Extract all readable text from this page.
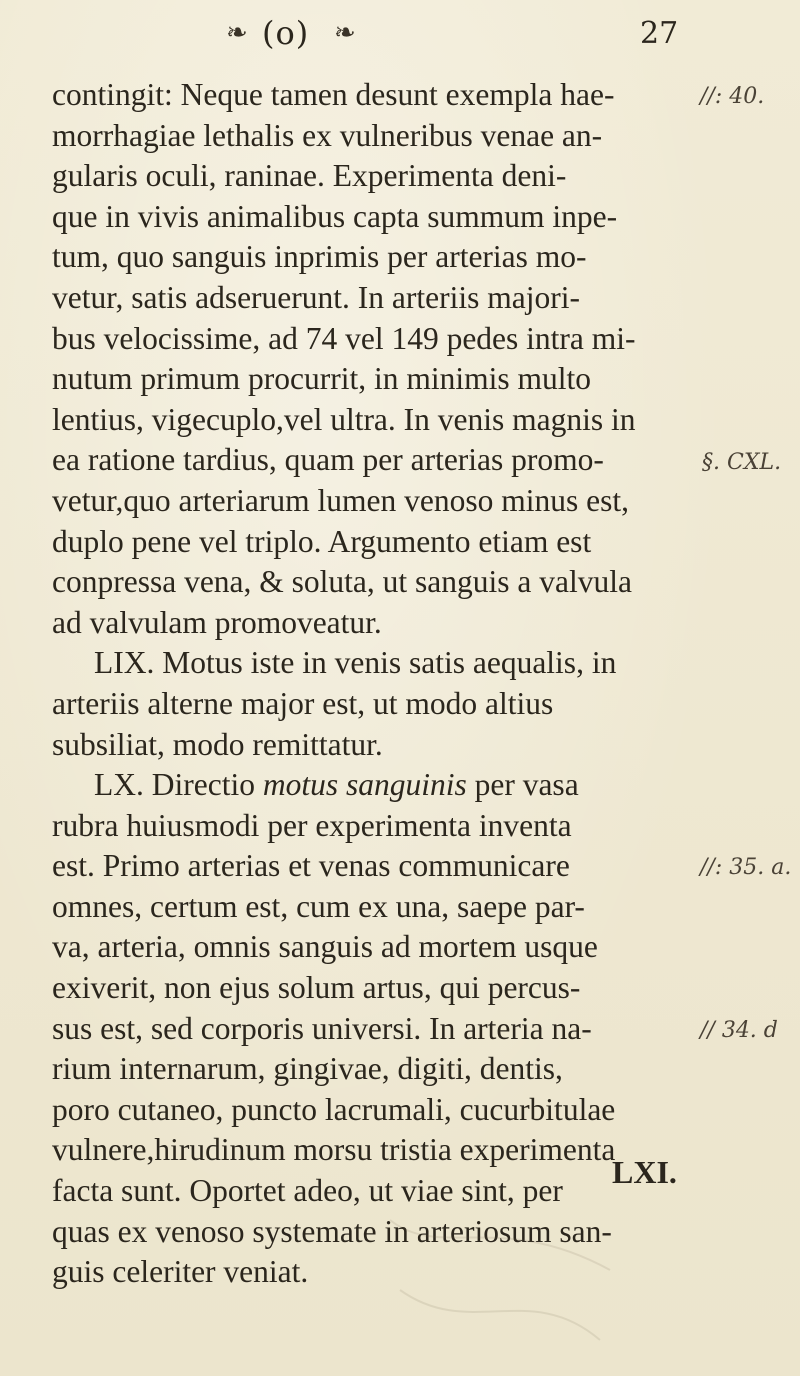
❧ (o) ❧	27
contingit: Neque tamen desunt exempla hae-
morrhagiae lethalis ex vulneribus venae an-
gularis oculi, raninae. Experimenta deni-
que in vivis animalibus capta summum inpe-
tum, quo sanguis inprimis per arterias mo-
vetur, satis adseruerunt. In arteriis majori-
bus velocissime, ad 74 vel 149 pedes intra mi-
nutum primum procurrit, in minimis multo
lentius, vigecuplo,vel ultra. In venis magnis in
ea ratione tardius, quam per arterias promo-
vetur,quo arteriarum lumen venoso minus est,
duplo pene vel triplo. Argumento etiam est
conpressa vena, & soluta, ut sanguis a valvula
ad valvulam promoveatur.
LIX. Motus iste in venis satis aequalis, in
arteriis alterne major est, ut modo altius
subsiliat, modo remittatur.
LX. Directio motus sanguinis per vasa
rubra huiusmodi per experimenta inventa
est. Primo arterias et venas communicare
omnes, certum est, cum ex una, saepe par-
va, arteria, omnis sanguis ad mortem usque
exiverit, non ejus solum artus, qui percus-
sus est, sed corporis universi. In arteria na-
rium internarum, gingivae, digiti, dentis,
poro cutaneo, puncto lacrumali, cucurbitulae
vulnere,hirudinum morsu tristia experimenta
facta sunt. Oportet adeo, ut viae sint, per
quas ex venoso systemate in arteriosum san-
guis celeriter veniat.
//: 40.
§. CXL.
//: 35. a.
// 34. d
LXI.
